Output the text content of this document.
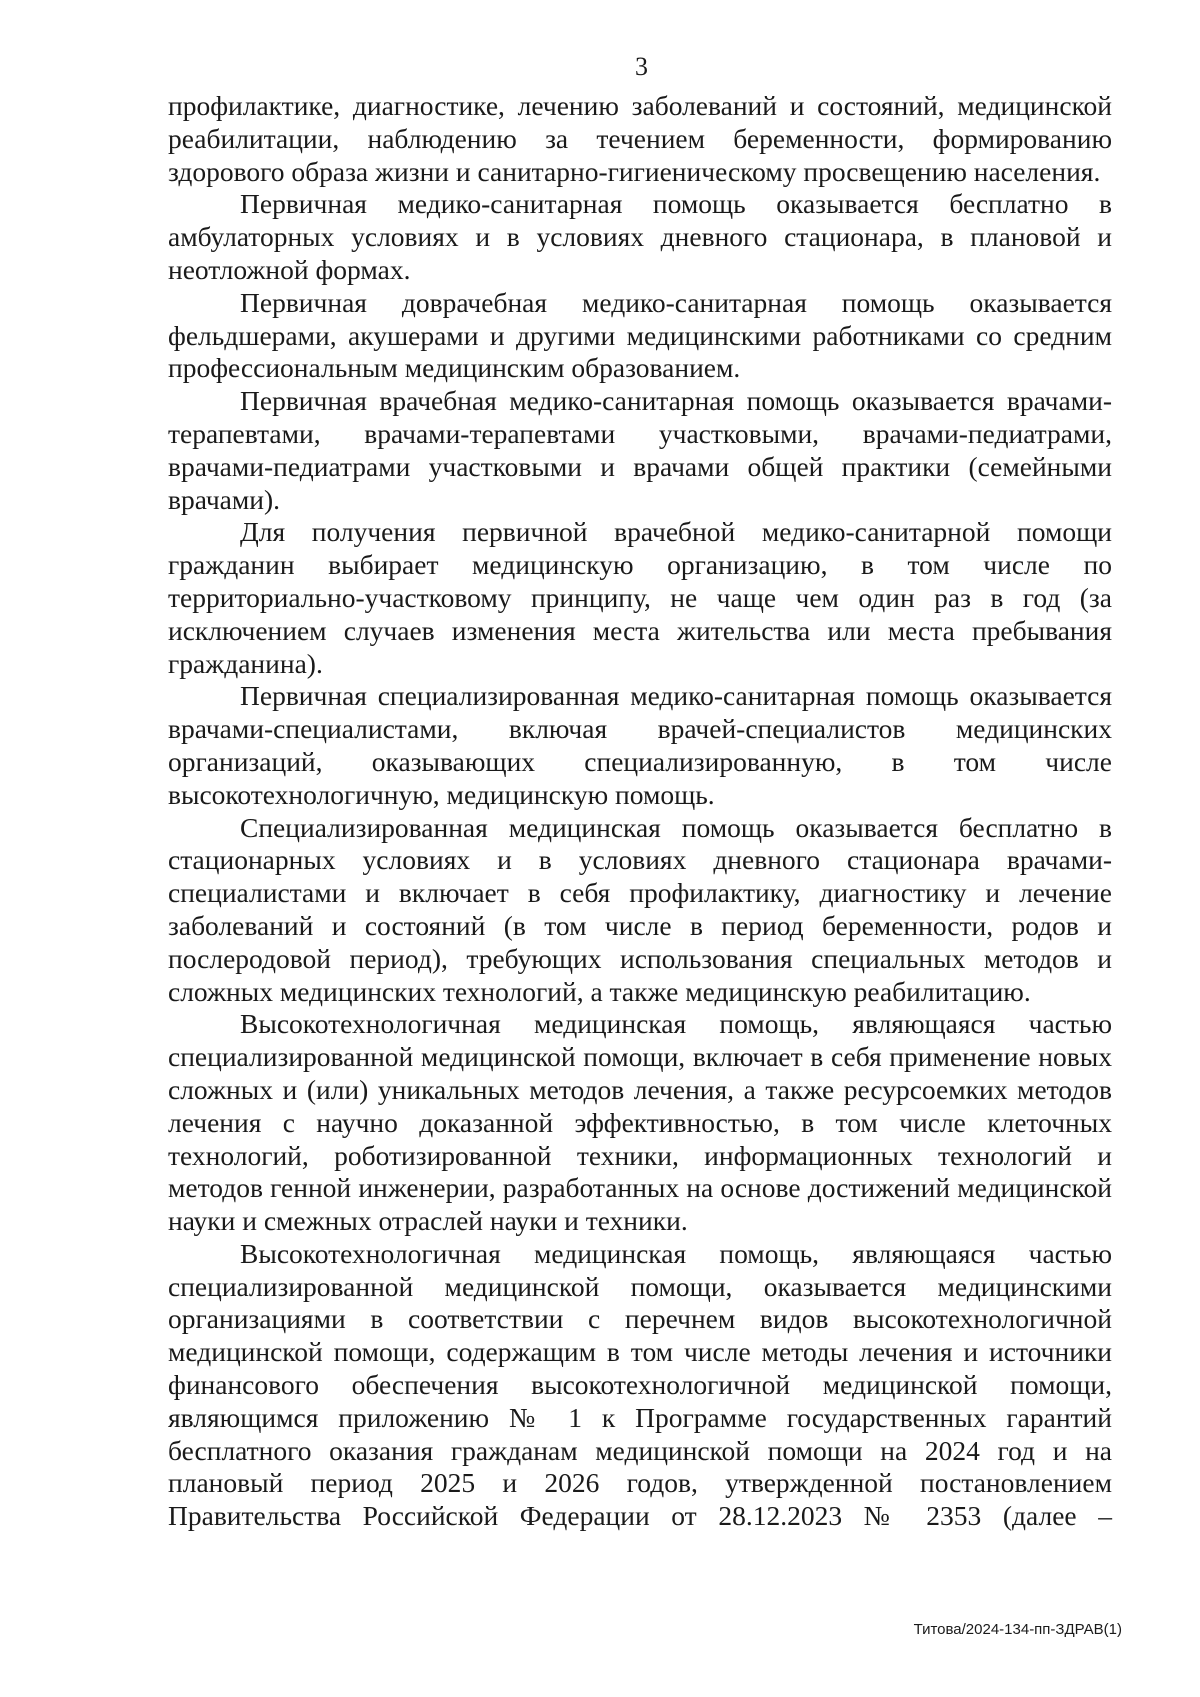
3

профилактике, диагностике, лечению заболеваний и состояний, медицинской реабилитации, наблюдению за течением беременности, формированию здорового образа жизни и санитарно-гигиеническому просвещению населения.

Первичная медико-санитарная помощь оказывается бесплатно в амбулаторных условиях и в условиях дневного стационара, в плановой и неотложной формах.

Первичная доврачебная медико-санитарная помощь оказывается фельдшерами, акушерами и другими медицинскими работниками со средним профессиональным медицинским образованием.

Первичная врачебная медико-санитарная помощь оказывается врачами-терапевтами, врачами-терапевтами участковыми, врачами-педиатрами, врачами-педиатрами участковыми и врачами общей практики (семейными врачами).

Для получения первичной врачебной медико-санитарной помощи гражданин выбирает медицинскую организацию, в том числе по территориально-участковому принципу, не чаще чем один раз в год (за исключением случаев изменения места жительства или места пребывания гражданина).

Первичная специализированная медико-санитарная помощь оказывается врачами-специалистами, включая врачей-специалистов медицинских организаций, оказывающих специализированную, в том числе высокотехнологичную, медицинскую помощь.

Специализированная медицинская помощь оказывается бесплатно в стационарных условиях и в условиях дневного стационара врачами-специалистами и включает в себя профилактику, диагностику и лечение заболеваний и состояний (в том числе в период беременности, родов и послеродовой период), требующих использования специальных методов и сложных медицинских технологий, а также медицинскую реабилитацию.

Высокотехнологичная медицинская помощь, являющаяся частью специализированной медицинской помощи, включает в себя применение новых сложных и (или) уникальных методов лечения, а также ресурсоемких методов лечения с научно доказанной эффективностью, в том числе клеточных технологий, роботизированной техники, информационных технологий и методов генной инженерии, разработанных на основе достижений медицинской науки и смежных отраслей науки и техники.

Высокотехнологичная медицинская помощь, являющаяся частью специализированной медицинской помощи, оказывается медицинскими организациями в соответствии с перечнем видов высокотехнологичной медицинской помощи, содержащим в том числе методы лечения и источники финансового обеспечения высокотехнологичной медицинской помощи, являющимся приложению № 1 к Программе государственных гарантий бесплатного оказания гражданам медицинской помощи на 2024 год и на плановый период 2025 и 2026 годов, утвержденной постановлением Правительства Российской Федерации от 28.12.2023 № 2353 (далее –

Титова/2024-134-пп-ЗДРАВ(1)
